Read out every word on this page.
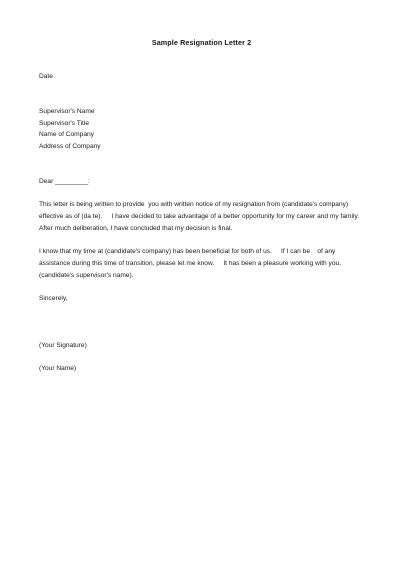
Sample Resignation Letter 2
Date
Supervisor's Name
Supervisor's Title
Name of Company
Address of Company
Dear _________:
This letter is being written to provide  you with written notice of my resignation from (candidate's company)
effective as of (da te).     I have decided to take advantage of a better opportunity for my career and my family.
After much deliberation, I have concluded that my decision is final.
I know that my time at (candidate's company) has been beneficial for both of us.     If I can be    of any
assistance during this time of transition, please let me know.     It has been a pleasure working with you,
(candidate's supervisor's name).
Sincerely,
(Your Signature)
(Your Name)
